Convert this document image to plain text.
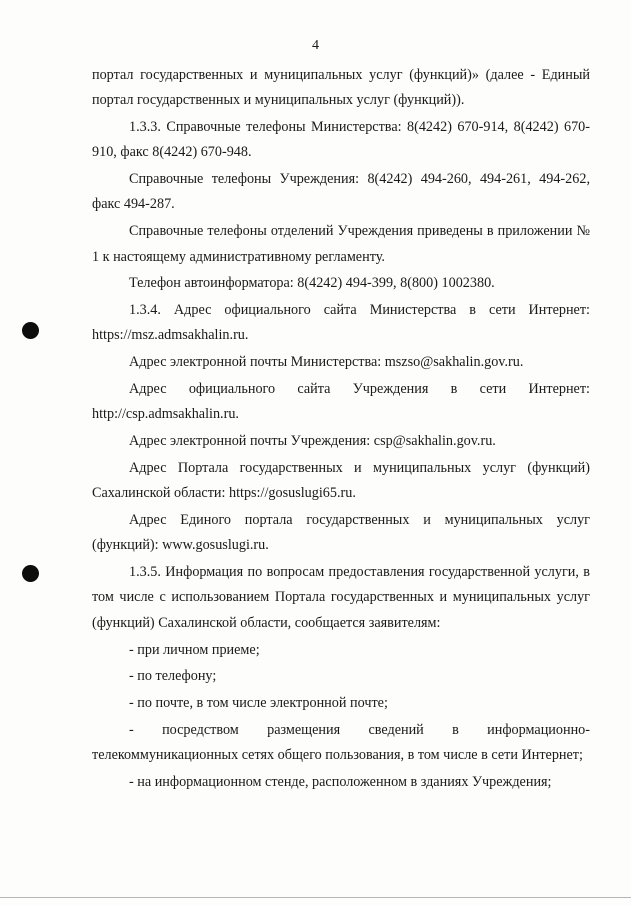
4

портал государственных и муниципальных услуг (функций)» (далее - Единый портал государственных и муниципальных услуг (функций)).

1.3.3. Справочные телефоны Министерства: 8(4242) 670-914, 8(4242) 670-910, факс 8(4242) 670-948.

Справочные телефоны Учреждения: 8(4242) 494-260, 494-261, 494-262, факс 494-287.

Справочные телефоны отделений Учреждения приведены в приложении № 1 к настоящему административному регламенту.

Телефон автоинформатора: 8(4242) 494-399, 8(800) 1002380.

1.3.4. Адрес официального сайта Министерства в сети Интернет: https://msz.admsakhalin.ru.

Адрес электронной почты Министерства: mszso@sakhalin.gov.ru.

Адрес официального сайта Учреждения в сети Интернет: http://csp.admsakhalin.ru.

Адрес электронной почты Учреждения: csp@sakhalin.gov.ru.

Адрес Портала государственных и муниципальных услуг (функций) Сахалинской области: https://gosuslugi65.ru.

Адрес Единого портала государственных и муниципальных услуг (функций): www.gosuslugi.ru.

1.3.5. Информация по вопросам предоставления государственной услуги, в том числе с использованием Портала государственных и муниципальных услуг (функций) Сахалинской области, сообщается заявителям:

- при личном приеме;

- по телефону;

- по почте, в том числе электронной почте;

- посредством размещения сведений в информационно-телекоммуникационных сетях общего пользования, в том числе в сети Интернет;

- на информационном стенде, расположенном в зданиях Учреждения;
